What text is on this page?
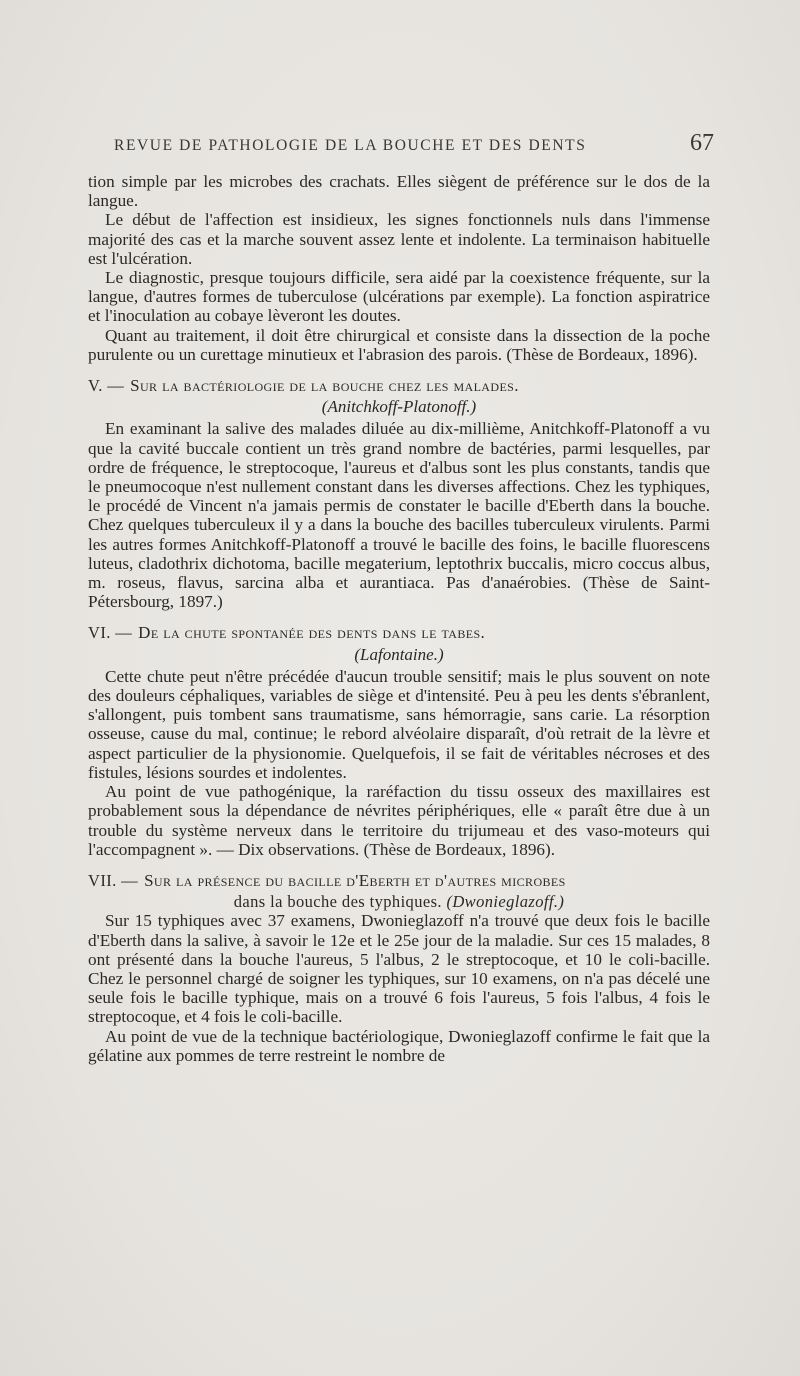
REVUE DE PATHOLOGIE DE LA BOUCHE ET DES DENTS	67

tion simple par les microbes des crachats. Elles siègent de préférence sur le dos de la langue.

Le début de l'affection est insidieux, les signes fonctionnels nuls dans l'immense majorité des cas et la marche souvent assez lente et indolente. La terminaison habituelle est l'ulcération.

Le diagnostic, presque toujours difficile, sera aidé par la coexistence fréquente, sur la langue, d'autres formes de tuberculose (ulcérations par exemple). La fonction aspiratrice et l'inoculation au cobaye lèveront les doutes.

Quant au traitement, il doit être chirurgical et consiste dans la dissection de la poche purulente ou un curettage minutieux et l'abrasion des parois. (Thèse de Bordeaux, 1896).

V. — Sur la bactériologie de la bouche chez les malades.
(Anitchkoff-Platonoff.)

En examinant la salive des malades diluée au dix-millième, Anitchkoff-Platonoff a vu que la cavité buccale contient un très grand nombre de bactéries, parmi lesquelles, par ordre de fréquence, le streptocoque, l'aureus et d'albus sont les plus constants, tandis que le pneumocoque n'est nullement constant dans les diverses affections. Chez les typhiques, le procédé de Vincent n'a jamais permis de constater le bacille d'Eberth dans la bouche. Chez quelques tuberculeux il y a dans la bouche des bacilles tuberculeux virulents. Parmi les autres formes Anitchkoff-Platonoff a trouvé le bacille des foins, le bacille fluorescens luteus, cladothrix dichotoma, bacille megaterium, leptothrix buccalis, micro coccus albus, m. roseus, flavus, sarcina alba et aurantiaca. Pas d'anaérobies. (Thèse de Saint-Pétersbourg, 1897.)

VI. — De la chute spontanée des dents dans le tabes.
(Lafontaine.)

Cette chute peut n'être précédée d'aucun trouble sensitif; mais le plus souvent on note des douleurs céphaliques, variables de siège et d'intensité. Peu à peu les dents s'ébranlent, s'allongent, puis tombent sans traumatisme, sans hémorragie, sans carie. La résorption osseuse, cause du mal, continue; le rebord alvéolaire disparaît, d'où retrait de la lèvre et aspect particulier de la physionomie. Quelquefois, il se fait de véritables nécroses et des fistules, lésions sourdes et indolentes.

Au point de vue pathogénique, la raréfaction du tissu osseux des maxillaires est probablement sous la dépendance de névrites périphériques, elle « paraît être due à un trouble du système nerveux dans le territoire du trijumeau et des vaso-moteurs qui l'accompagnent ». — Dix observations. (Thèse de Bordeaux, 1896).

VII. — Sur la présence du bacille d'Eberth et d'autres microbes
dans la bouche des typhiques. (Dwonieglazoff.)

Sur 15 typhiques avec 37 examens, Dwonieglazoff n'a trouvé que deux fois le bacille d'Eberth dans la salive, à savoir le 12e et le 25e jour de la maladie. Sur ces 15 malades, 8 ont présenté dans la bouche l'aureus, 5 l'albus, 2 le streptocoque, et 10 le coli-bacille. Chez le personnel chargé de soigner les typhiques, sur 10 examens, on n'a pas décelé une seule fois le bacille typhique, mais on a trouvé 6 fois l'aureus, 5 fois l'albus, 4 fois le streptocoque, et 4 fois le coli-bacille.

Au point de vue de la technique bactériologique, Dwonieglazoff confirme le fait que la gélatine aux pommes de terre restreint le nombre de
